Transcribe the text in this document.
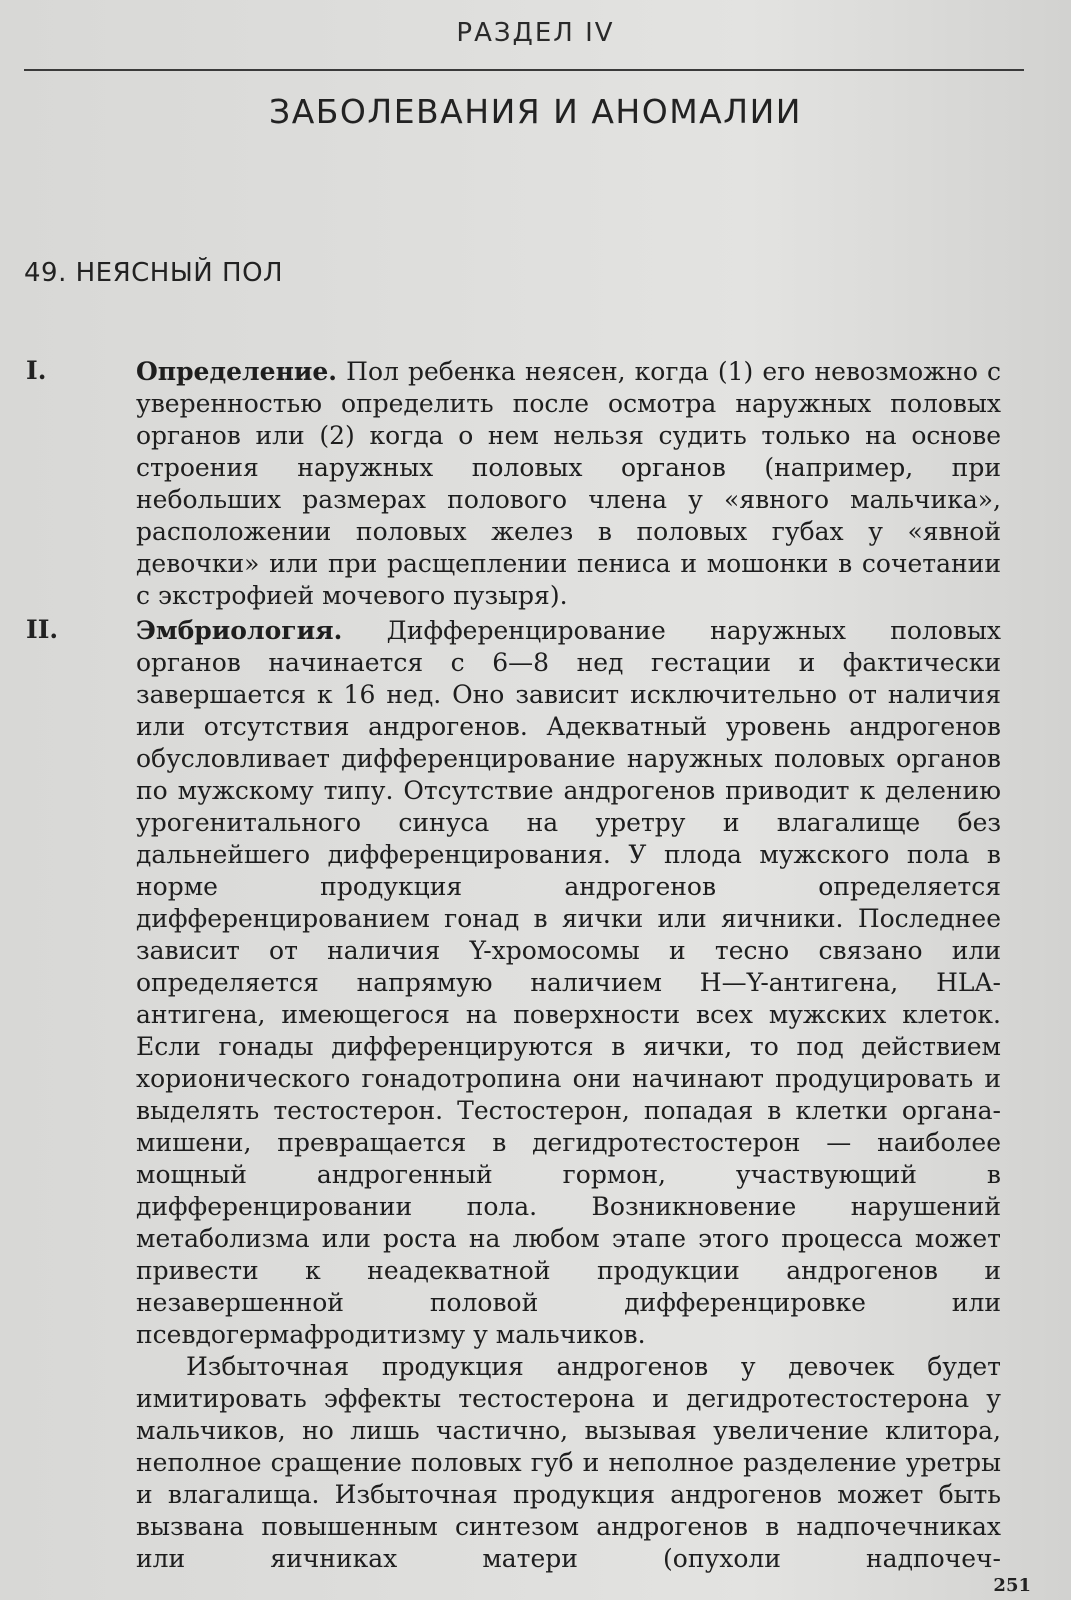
РАЗДЕЛ IV
ЗАБОЛЕВАНИЯ И АНОМАЛИИ
49. НЕЯСНЫЙ ПОЛ
I.	Определение. Пол ребенка неясен, когда (1) его невозможно с уверенностью определить после осмотра наружных половых органов или (2) когда о нем нельзя судить только на основе строения наружных половых органов (например, при небольших размерах полового члена у «явного мальчика», расположении половых желез в половых губах у «явной девочки» или при расщеплении пениса и мошонки в сочетании с экстрофией мочевого пузыря).

II.	Эмбриология. Дифференцирование наружных половых органов начинается с 6—8 нед гестации и фактически завершается к 16 нед. Оно зависит исключительно от наличия или отсутствия андрогенов. Адекватный уровень андрогенов обусловливает дифференцирование наружных половых органов по мужскому типу. Отсутствие андрогенов приводит к делению урогенитального синуса на уретру и влагалище без дальнейшего дифференцирования. У плода мужского пола в норме продукция андрогенов определяется дифференцированием гонад в яички или яичники. Последнее зависит от наличия Y-хромосомы и тесно связано или определяется напрямую наличием H—Y-антигена, HLA-антигена, имеющегося на поверхности всех мужских клеток. Если гонады дифференцируются в яички, то под действием хорионического гонадотропина они начинают продуцировать и выделять тестостерон. Тестостерон, попадая в клетки органа-мишени, превращается в дегидротестостерон — наиболее мощный андрогенный гормон, участвующий в дифференцировании пола. Возникновение нарушений метаболизма или роста на любом этапе этого процесса может привести к неадекватной продукции андрогенов и незавершенной половой дифференцировке или псевдогермафродитизму у мальчиков.

Избыточная продукция андрогенов у девочек будет имитировать эффекты тестостерона и дегидротестостерона у мальчиков, но лишь частично, вызывая увеличение клитора, неполное сращение половых губ и неполное разделение уретры и влагалища. Избыточная продукция андрогенов может быть вызвана повышенным синтезом андрогенов в надпочечниках или яичниках матери (опухоли надпочеч-

251
